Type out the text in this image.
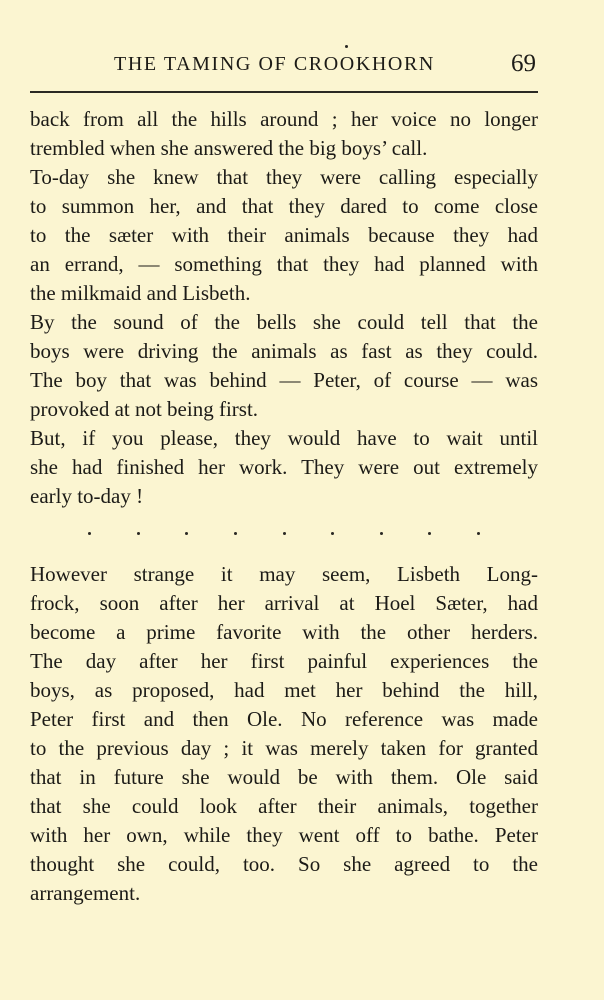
THE TAMING OF CROOKHORN	69
back from all the hills around ; her voice no longer
trembled when she answered the big boys’ call.
To-day she knew that they were calling especially
to summon her, and that they dared to come close
to the sæter with their animals because they had
an errand, — something that they had planned with
the milkmaid and Lisbeth.
By the sound of the bells she could tell that the
boys were driving the animals as fast as they could.
The boy that was behind — Peter, of course — was
provoked at not being first.
But, if you please, they would have to wait until
she had finished her work. They were out extremely
early to-day !
However strange it may seem, Lisbeth Long-
frock, soon after her arrival at Hoel Sæter, had
become a prime favorite with the other herders.
The day after her first painful experiences the
boys, as proposed, had met her behind the hill,
Peter first and then Ole. No reference was made
to the previous day ; it was merely taken for granted
that in future she would be with them. Ole said
that she could look after their animals, together
with her own, while they went off to bathe. Peter
thought she could, too. So she agreed to the
arrangement.
